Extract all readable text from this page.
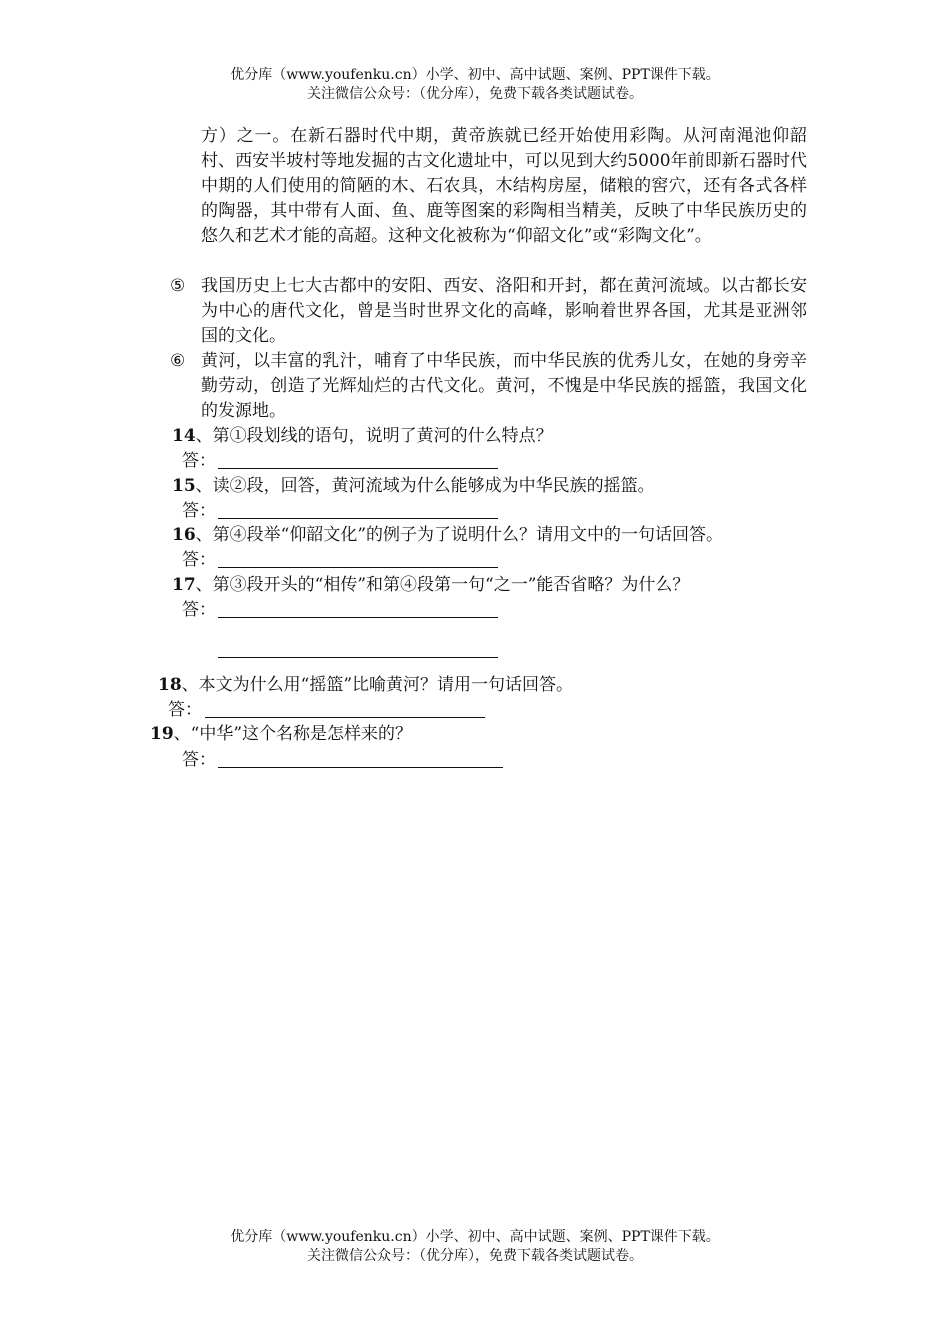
优分库（www.youfenku.cn）小学、初中、高中试题、案例、PPT课件下载。
关注微信公众号：（优分库），免费下载各类试题试卷。
方）之一。在新石器时代中期，黄帝族就已经开始使用彩陶。从河南渑池仰韶村、西安半坡村等地发掘的古文化遗址中，可以见到大约5000年前即新石器时代中期的人们使用的简陋的木、石农具，木结构房屋，储粮的窖穴，还有各式各样的陶器，其中带有人面、鱼、鹿等图案的彩陶相当精美，反映了中华民族历史的悠久和艺术才能的高超。这种文化被称为“仰韶文化”或“彩陶文化”。
⑤ 我国历史上七大古都中的安阳、西安、洛阳和开封，都在黄河流域。以古都长安为中心的唐代文化，曾是当时世界文化的高峰，影响着世界各国，尤其是亚洲邻国的文化。
⑥ 黄河，以丰富的乳汁，哺育了中华民族，而中华民族的优秀儿女，在她的身旁辛勤劳动，创造了光辉灿烂的古代文化。黄河，不愧是中华民族的摇篮，我国文化的发源地。
14、第①段划线的语句，说明了黄河的什么特点？
答：
15、读②段，回答，黄河流域为什么能够成为中华民族的摇篮。
答：
16、第④段举“仰韶文化”的例子为了说明什么？请用文中的一句话回答。
答：
17、第③段开头的“相传”和第④段第一句“之一”能否省略？为什么？
答：
18、本文为什么用“摇篮”比喻黄河？请用一句话回答。
答：
19、“中华”这个名称是怎样来的？
答：
优分库（www.youfenku.cn）小学、初中、高中试题、案例、PPT课件下载。
关注微信公众号：（优分库），免费下载各类试题试卷。
